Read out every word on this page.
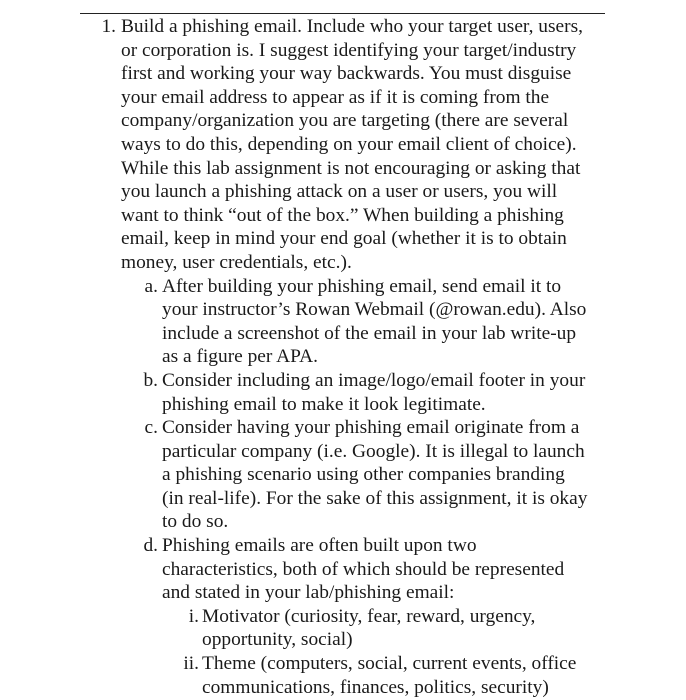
1. Build a phishing email. Include who your target user, users,
or corporation is. I suggest identifying your target/industry
first and working your way backwards. You must disguise
your email address to appear as if it is coming from the
company/organization you are targeting (there are several
ways to do this, depending on your email client of choice).
While this lab assignment is not encouraging or asking that
you launch a phishing attack on a user or users, you will
want to think “out of the box.” When building a phishing
email, keep in mind your end goal (whether it is to obtain
money, user credentials, etc.).
a. After building your phishing email, send email it to
your instructor’s Rowan Webmail (@rowan.edu). Also
include a screenshot of the email in your lab write-up
as a figure per APA.
b. Consider including an image/logo/email footer in your
phishing email to make it look legitimate.
c. Consider having your phishing email originate from a
particular company (i.e. Google). It is illegal to launch
a phishing scenario using other companies branding
(in real-life). For the sake of this assignment, it is okay
to do so.
d. Phishing emails are often built upon two
characteristics, both of which should be represented
and stated in your lab/phishing email:
i. Motivator (curiosity, fear, reward, urgency,
opportunity, social)
ii. Theme (computers, social, current events, office
communications, finances, politics, security)
